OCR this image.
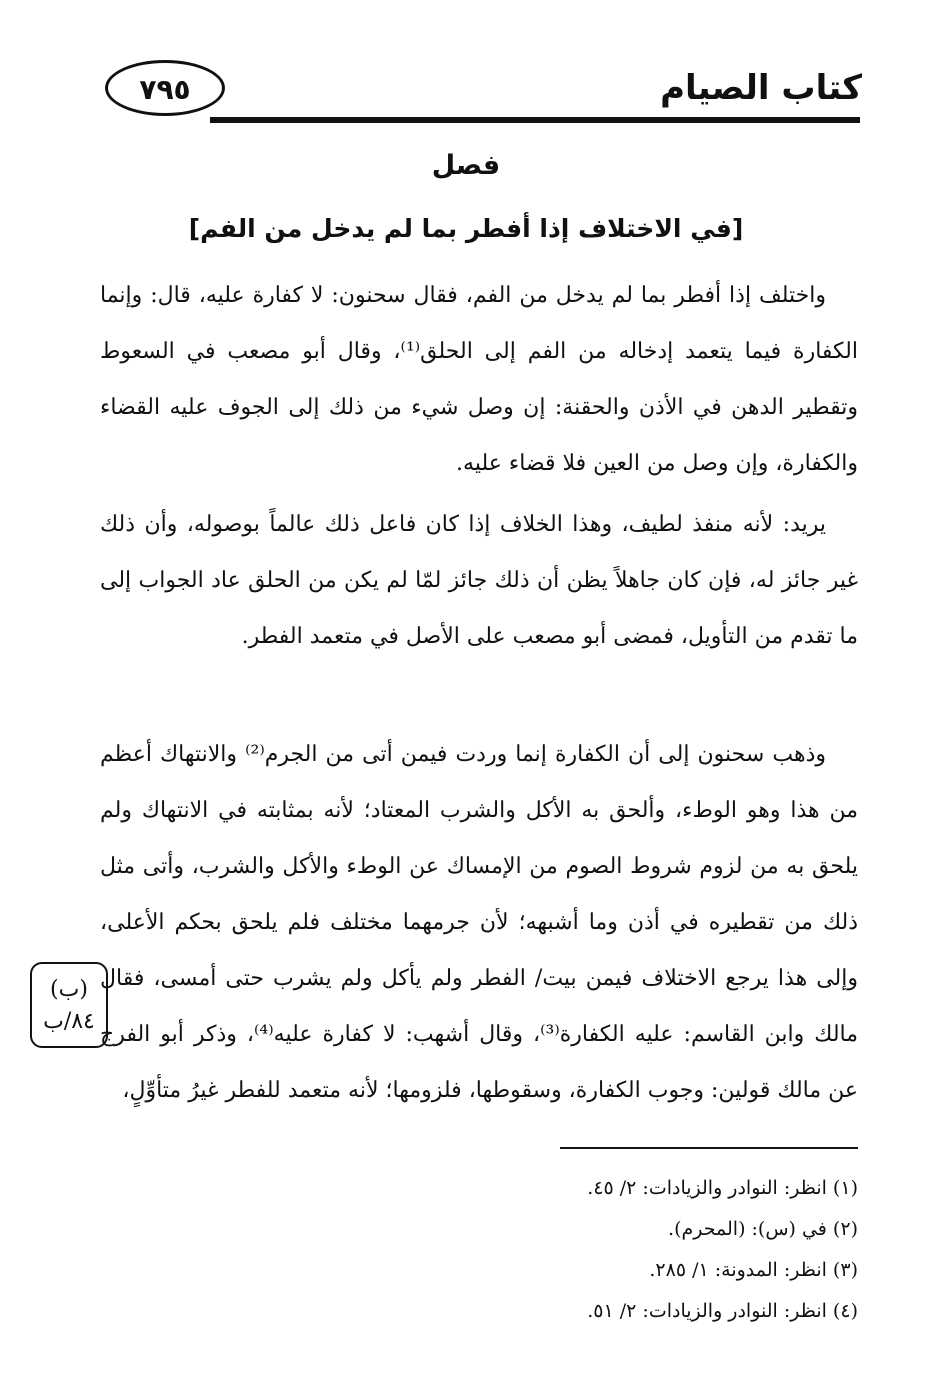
٧٩٥	كتاب الصيام
فصل
[في الاختلاف إذا أفطر بما لم يدخل من الفم]
واختلف إذا أفطر بما لم يدخل من الفم، فقال سحنون: لا كفارة عليه، قال: وإنما الكفارة فيما يتعمد إدخاله من الفم إلى الحلق⁽¹⁾، وقال أبو مصعب في السعوط وتقطير الدهن في الأذن والحقنة: إن وصل شيء من ذلك إلى الجوف عليه القضاء والكفارة، وإن وصل من العين فلا قضاء عليه.
يريد: لأنه منفذ لطيف، وهذا الخلاف إذا كان فاعل ذلك عالماً بوصوله، وأن ذلك غير جائز له، فإن كان جاهلاً يظن أن ذلك جائز لمّا لم يكن من الحلق عاد الجواب إلى ما تقدم من التأويل، فمضى أبو مصعب على الأصل في متعمد الفطر.
وذهب سحنون إلى أن الكفارة إنما وردت فيمن أتى من الجرم⁽²⁾ والانتهاك أعظم من هذا وهو الوطء، وألحق به الأكل والشرب المعتاد؛ لأنه بمثابته في الانتهاك ولم يلحق به من لزوم شروط الصوم من الإمساك عن الوطء والأكل والشرب، وأتى مثل ذلك من تقطيره في أذن وما أشبهه؛ لأن جرمهما مختلف فلم يلحق بحكم الأعلى، وإلى هذا يرجع الاختلاف فيمن بيت/ الفطر ولم يأكل ولم يشرب حتى أمسى، فقال مالك وابن القاسم: عليه الكفارة⁽³⁾، وقال أشهب: لا كفارة عليه⁽⁴⁾، وذكر أبو الفرج عن مالك قولين: وجوب الكفارة، وسقوطها، فلزومها؛ لأنه متعمد للفطر غيرُ متأوِّلٍ،
(ب)
٨٤/ب
(١) انظر: النوادر والزيادات: ٢/ ٤٥.
(٢) في (س): (المحرم).
(٣) انظر: المدونة: ١/ ٢٨٥.
(٤) انظر: النوادر والزيادات: ٢/ ٥١.
